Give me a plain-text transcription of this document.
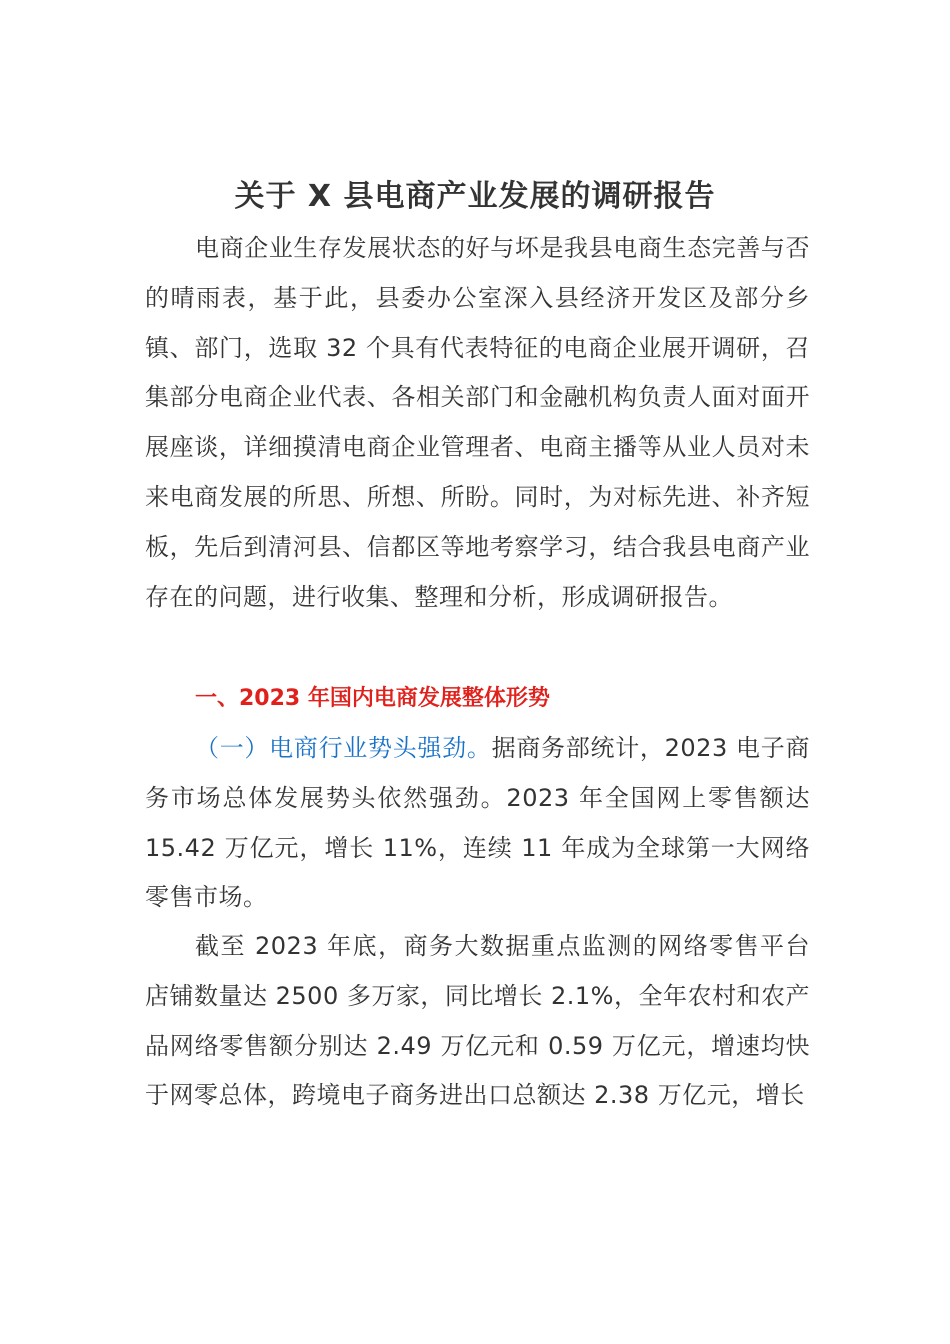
关于 X 县电商产业发展的调研报告

电商企业生存发展状态的好与坏是我县电商生态完善与否的晴雨表，基于此，县委办公室深入县经济开发区及部分乡镇、部门，选取 32 个具有代表特征的电商企业展开调研，召集部分电商企业代表、各相关部门和金融机构负责人面对面开展座谈，详细摸清电商企业管理者、电商主播等从业人员对未来电商发展的所思、所想、所盼。同时，为对标先进、补齐短板，先后到清河县、信都区等地考察学习，结合我县电商产业存在的问题，进行收集、整理和分析，形成调研报告。

一、2023 年国内电商发展整体形势

（一）电商行业势头强劲。据商务部统计，2023 电子商务市场总体发展势头依然强劲。2023 年全国网上零售额达 15.42 万亿元，增长 11%，连续 11 年成为全球第一大网络零售市场。

截至 2023 年底，商务大数据重点监测的网络零售平台店铺数量达 2500 多万家，同比增长 2.1%，全年农村和农产品网络零售额分别达 2.49 万亿元和 0.59 万亿元，增速均快于网零总体，跨境电子商务进出口总额达 2.38 万亿元，增长
